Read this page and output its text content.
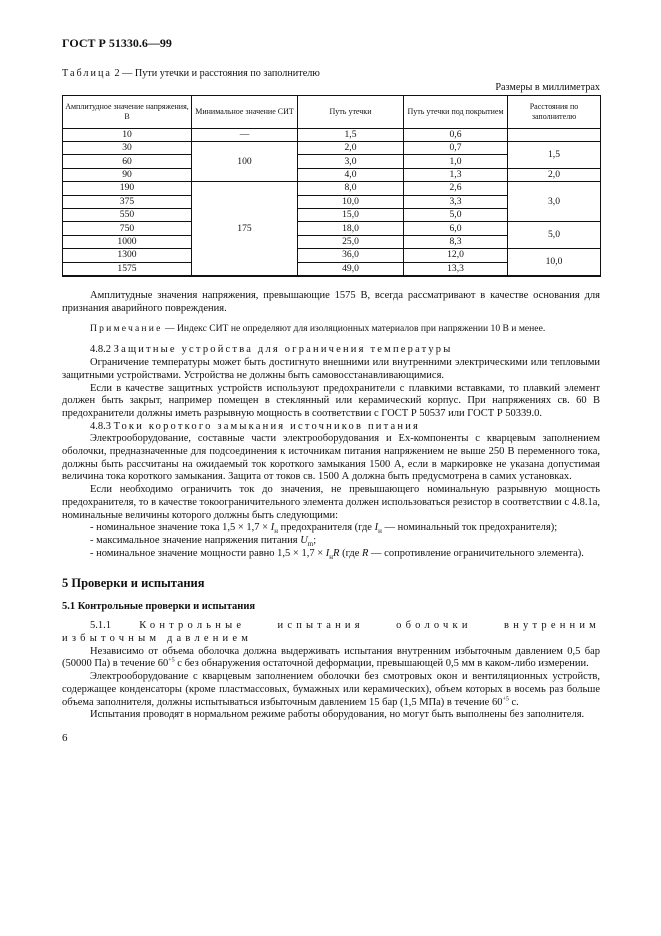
ГОСТ Р 51330.6—99

Таблица 2 — Пути утечки и расстояния по заполнителю

Размеры в миллиметрах
Амплитудное значение напряжения, В	Минимальное значение СИТ	Путь утечки	Путь утечки под покрытием	Расстояния по заполнителю
10	—	1,5	0,6	
30	100	2,0	0,7	1,5
60		3,0	1,0	
90		4,0	1,3	2,0
190	175	8,0	2,6	3,0
375		10,0	3,3	
550		15,0	5,0	
750		18,0	6,0	5,0
1000		25,0	8,3	
1300		36,0	12,0	10,0
1575		49,0	13,3	

Амплитудные значения напряжения, превышающие 1575 В, всегда рассматривают в качестве основания для признания аварийного повреждения.

Примечание — Индекс СИТ не определяют для изоляционных материалов при напряжении 10 В и менее.

4.8.2 Защитные устройства для ограничения температуры

Ограничение температуры может быть достигнуто внешними или внутренними электрическими или тепловыми защитными устройствами. Устройства не должны быть самовосстанавливающимися.

Если в качестве защитных устройств используют предохранители с плавкими вставками, то плавкий элемент должен быть закрыт, например помещен в стеклянный или керамический корпус. При напряжениях св. 60 В предохранители должны иметь разрывную мощность в соответствии с ГОСТ Р 50537 или ГОСТ Р 50339.0.

4.8.3 Токи короткого замыкания источников питания

Электрооборудование, составные части электрооборудования и Ex-компоненты с кварцевым заполнением оболочки, предназначенные для подсоединения к источникам питания напряжением не выше 250 В переменного тока, должны быть рассчитаны на ожидаемый ток короткого замыкания 1500 А, если в маркировке не указана допустимая величина тока короткого замыкания. Защита от токов св. 1500 А должна быть предусмотрена в самих установках.

Если необходимо ограничить ток до значения, не превышающего номинальную разрывную мощность предохранителя, то в качестве токоограничительного элемента должен использоваться резистор в соответствии с 4.8.1а, номинальные величины которого должны быть следующими:

- номинальное значение тока $1,5 \times 1,7 \times I_н$ предохранителя (где $I_н$ — номинальный ток предохранителя);

- максимальное значение напряжения питания $U_m$;

- номинальное значение мощности равно $1,5 \times 1,7 \times I_нR$ (где R — сопротивление ограничительного элемента).

5 Проверки и испытания
5.1 Контрольные проверки и испытания

5.1.1 Контрольные испытания оболочки внутренним избыточным давлением

Независимо от объема оболочка должна выдерживать испытания внутренним избыточным давлением 0,5 бар (50000 Па) в течение $60^{+5}$ с без обнаружения остаточной деформации, превышающей 0,5 мм в каком-либо измерении.

Электрооборудование с кварцевым заполнением оболочки без смотровых окон и вентиляционных устройств, содержащее конденсаторы (кроме пластмассовых, бумажных или керамических), объем которых в восемь раз больше объема заполнителя, должны испытываться избыточным давлением 15 бар (1,5 МПа) в течение $60^{+5}$ с.

Испытания проводят в нормальном режиме работы оборудования, но могут быть выполнены без заполнителя.

6
